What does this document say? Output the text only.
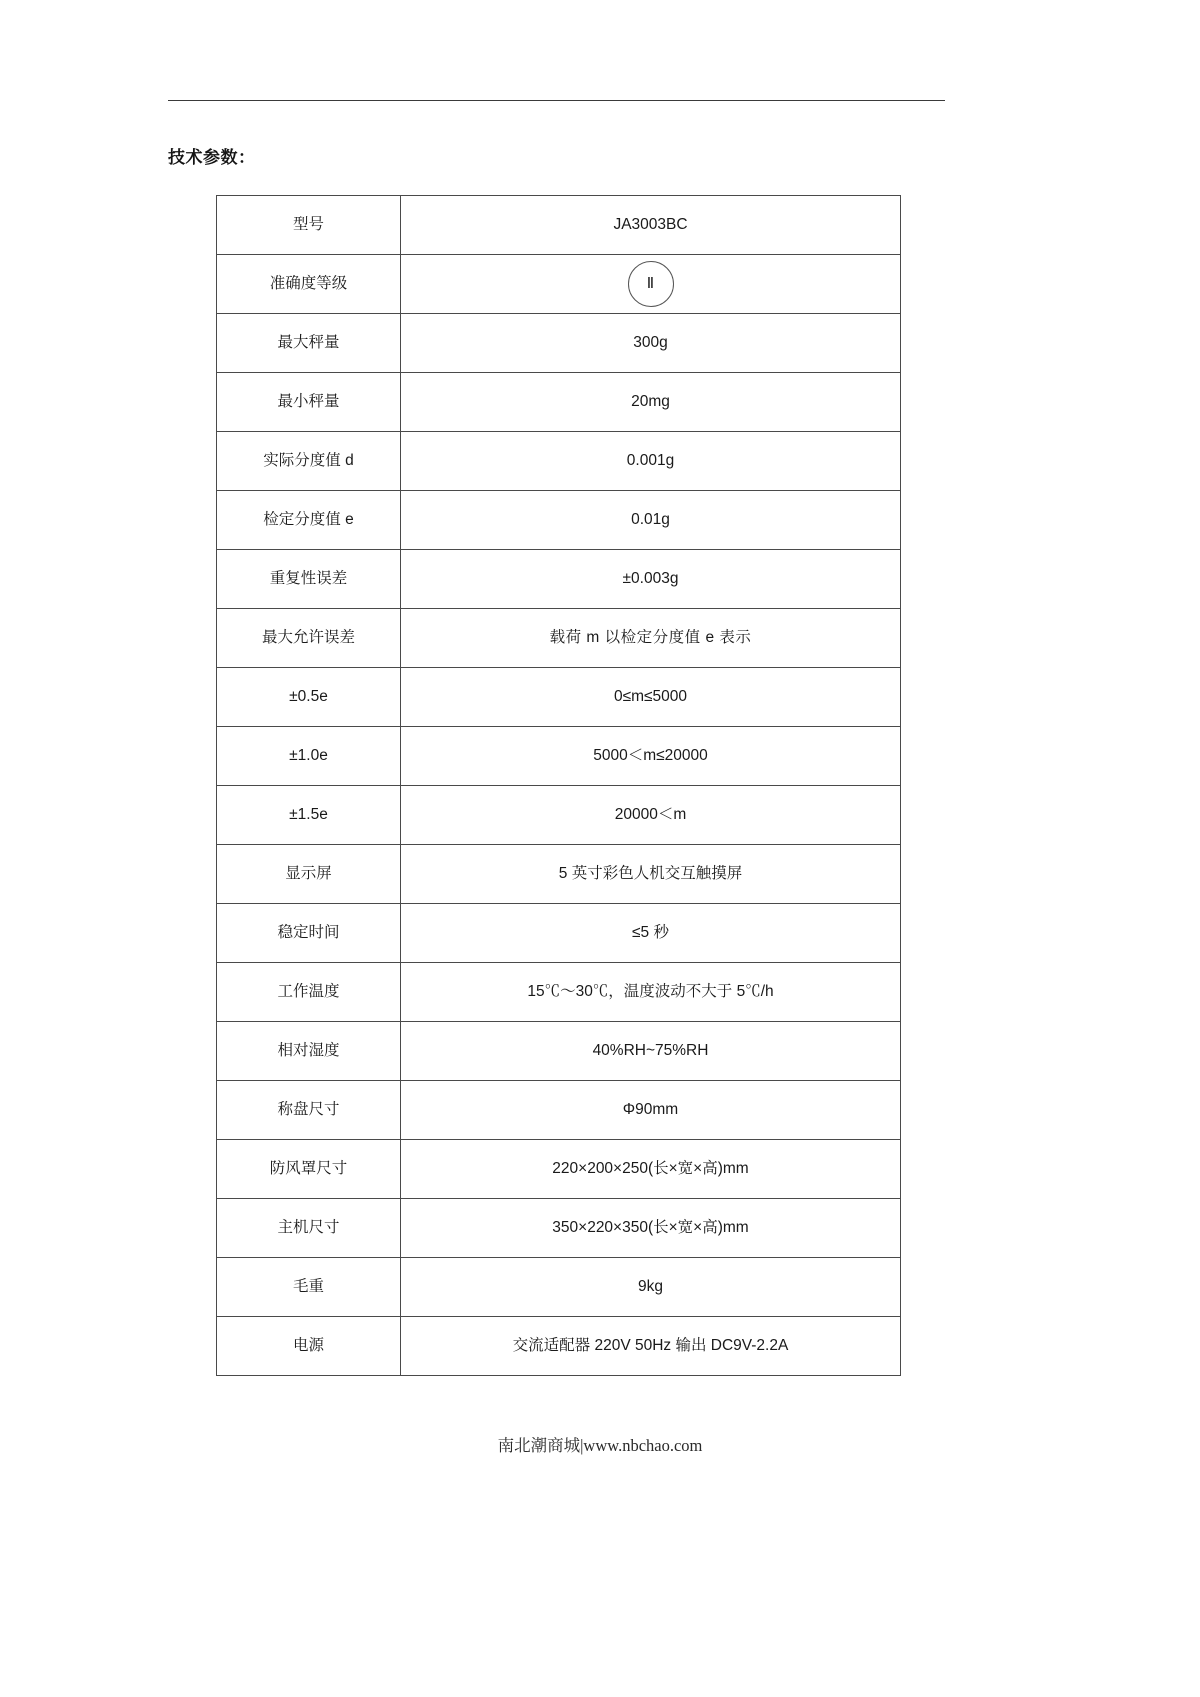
技术参数：
型号	JA3003BC
准确度等级	Ⅱ
最大秤量	300g
最小秤量	20mg
实际分度值 d	0.001g
检定分度值 e	0.01g
重复性误差	±0.003g
最大允许误差	载荷 m 以检定分度值 e 表示
±0.5e	0≤m≤5000
±1.0e	5000＜m≤20000
±1.5e	20000＜m
显示屏	5 英寸彩色人机交互触摸屏
稳定时间	≤5 秒
工作温度	15℃～30℃，温度波动不大于 5℃/h
相对湿度	40%RH~75%RH
称盘尺寸	Φ90mm
防风罩尺寸	220×200×250(长×宽×高)mm
主机尺寸	350×220×350(长×宽×高)mm
毛重	9kg
电源	交流适配器 220V 50Hz 输出 DC9V-2.2A
南北潮商城|www.nbchao.com
